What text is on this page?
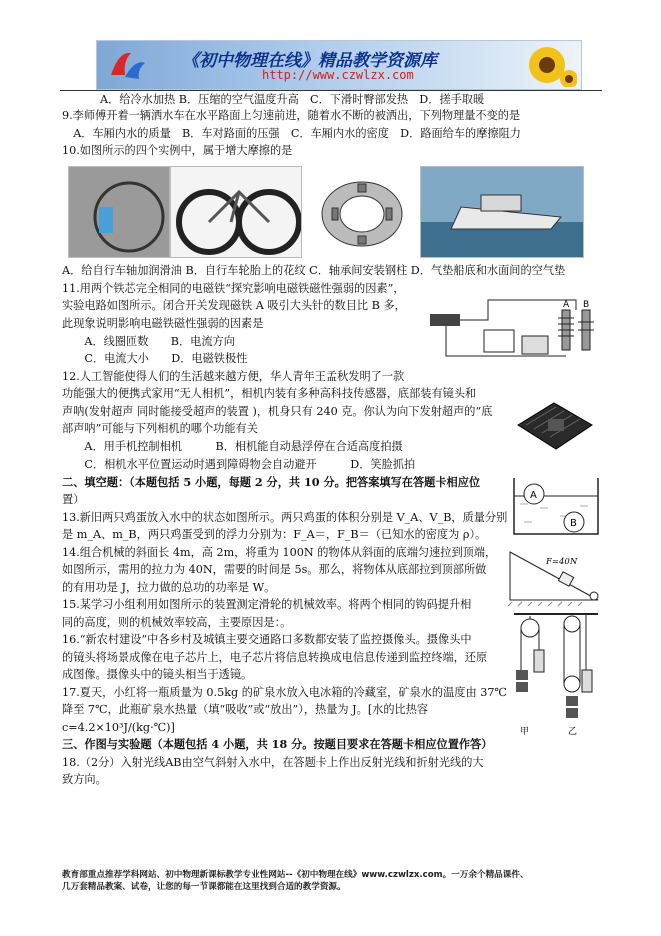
《初中物理在线》精品教学资源库
http://www.czwlzx.com
A．给冷水加热 B．压缩的空气温度升高　C．下滑时臀部发热　D．搓手取暖
9.李师傅开着一辆洒水车在水平路面上匀速前进，随着水不断的被洒出，下列物理量不变的是
　A．车厢内水的质量　B．车对路面的压强　C．车厢内水的密度　D．路面给车的摩擦阻力
10.如图所示的四个实例中，属于增大摩擦的是
A．给自行车轴加润滑油 B．自行车轮胎上的花纹 C．轴承间安装钢柱 D．气垫船底和水面间的空气垫
11.用两个铁芯完全相同的电磁铁“探究影响电磁铁磁性强弱的因素”，
实验电路如图所示。闭合开关发现磁铁 A 吸引大头针的数目比 B 多，
此现象说明影响电磁铁磁性强弱的因素是
　　A．线圈匝数　　B．电流方向
　　C．电流大小　　D．电磁铁极性
A B
12.人工智能使得人们的生活越来越方便，华人青年王孟秋发明了一款
功能强大的便携式家用“无人相机”，相机内装有多种高科技传感器，底部装有镜头和
声呐(发射超声 同时能接受超声的装置 )，机身只有 240 克。你认为向下发射超声的“底
部声呐”可能与下列相机的哪个功能有关
　　A．用手机控制相机　　　B．相机能自动悬浮停在合适高度拍摄
　　C．相机水平位置运动时遇到障碍物会自动避开　　　D．笑脸抓拍
二、填空题：（本题包括 5 小题，每题 2 分，共 10 分。把答案填写在答题卡相应位
置）	A
B
13.新旧两只鸡蛋放入水中的状态如图所示。两只鸡蛋的体积分别是 V_A、V_B，质量分别
是 m_A、m_B，两只鸡蛋受到的浮力分别为：F_A＝，F_B＝（已知水的密度为 ρ）。
14.组合机械的斜面长 4m，高 2m，将重为 100N 的物体从斜面的底端匀速拉到顶端，
如图所示，需用的拉力为 40N，需要的时间是 5s。那么，将物体从底部拉到顶部所做
的有用功是 J，拉力做的总功的功率是 W。
F=40N
15.某学习小组利用如图所示的装置测定滑轮的机械效率。将两个相同的钩码提升相
同的高度，则的机械效率较高，主要原因是：。
甲	乙
16.“新农村建设”中各乡村及城镇主要交通路口多数都安装了监控摄像头。摄像头中
的镜头将场景成像在电子芯片上，电子芯片将信息转换成电信息传递到监控终端，还原
成图像。摄像头中的镜头相当于透镜。
17.夏天，小红将一瓶质量为 0.5kg 的矿泉水放入电冰箱的冷藏室，矿泉水的温度由 37℃
降至 7℃，此瓶矿泉水热量（填“吸收”或“放出”），热量为 J。[水的比热容
c=4.2×10³J/(kg·℃)]
三、作图与实验题（本题包括 4 小题，共 18 分。按题目要求在答题卡相应位置作答）
18.（2分）入射光线AB由空气斜射入水中，在答题卡上作出反射光线和折射光线的大
致方向。
教育部重点推荐学科网站、初中物理新课标教学专业性网站--《初中物理在线》www.czwlzx.com。一万余个精品课件、
几万套精品教案、试卷，让您的每一节课都能在这里找到合适的教学资源。
